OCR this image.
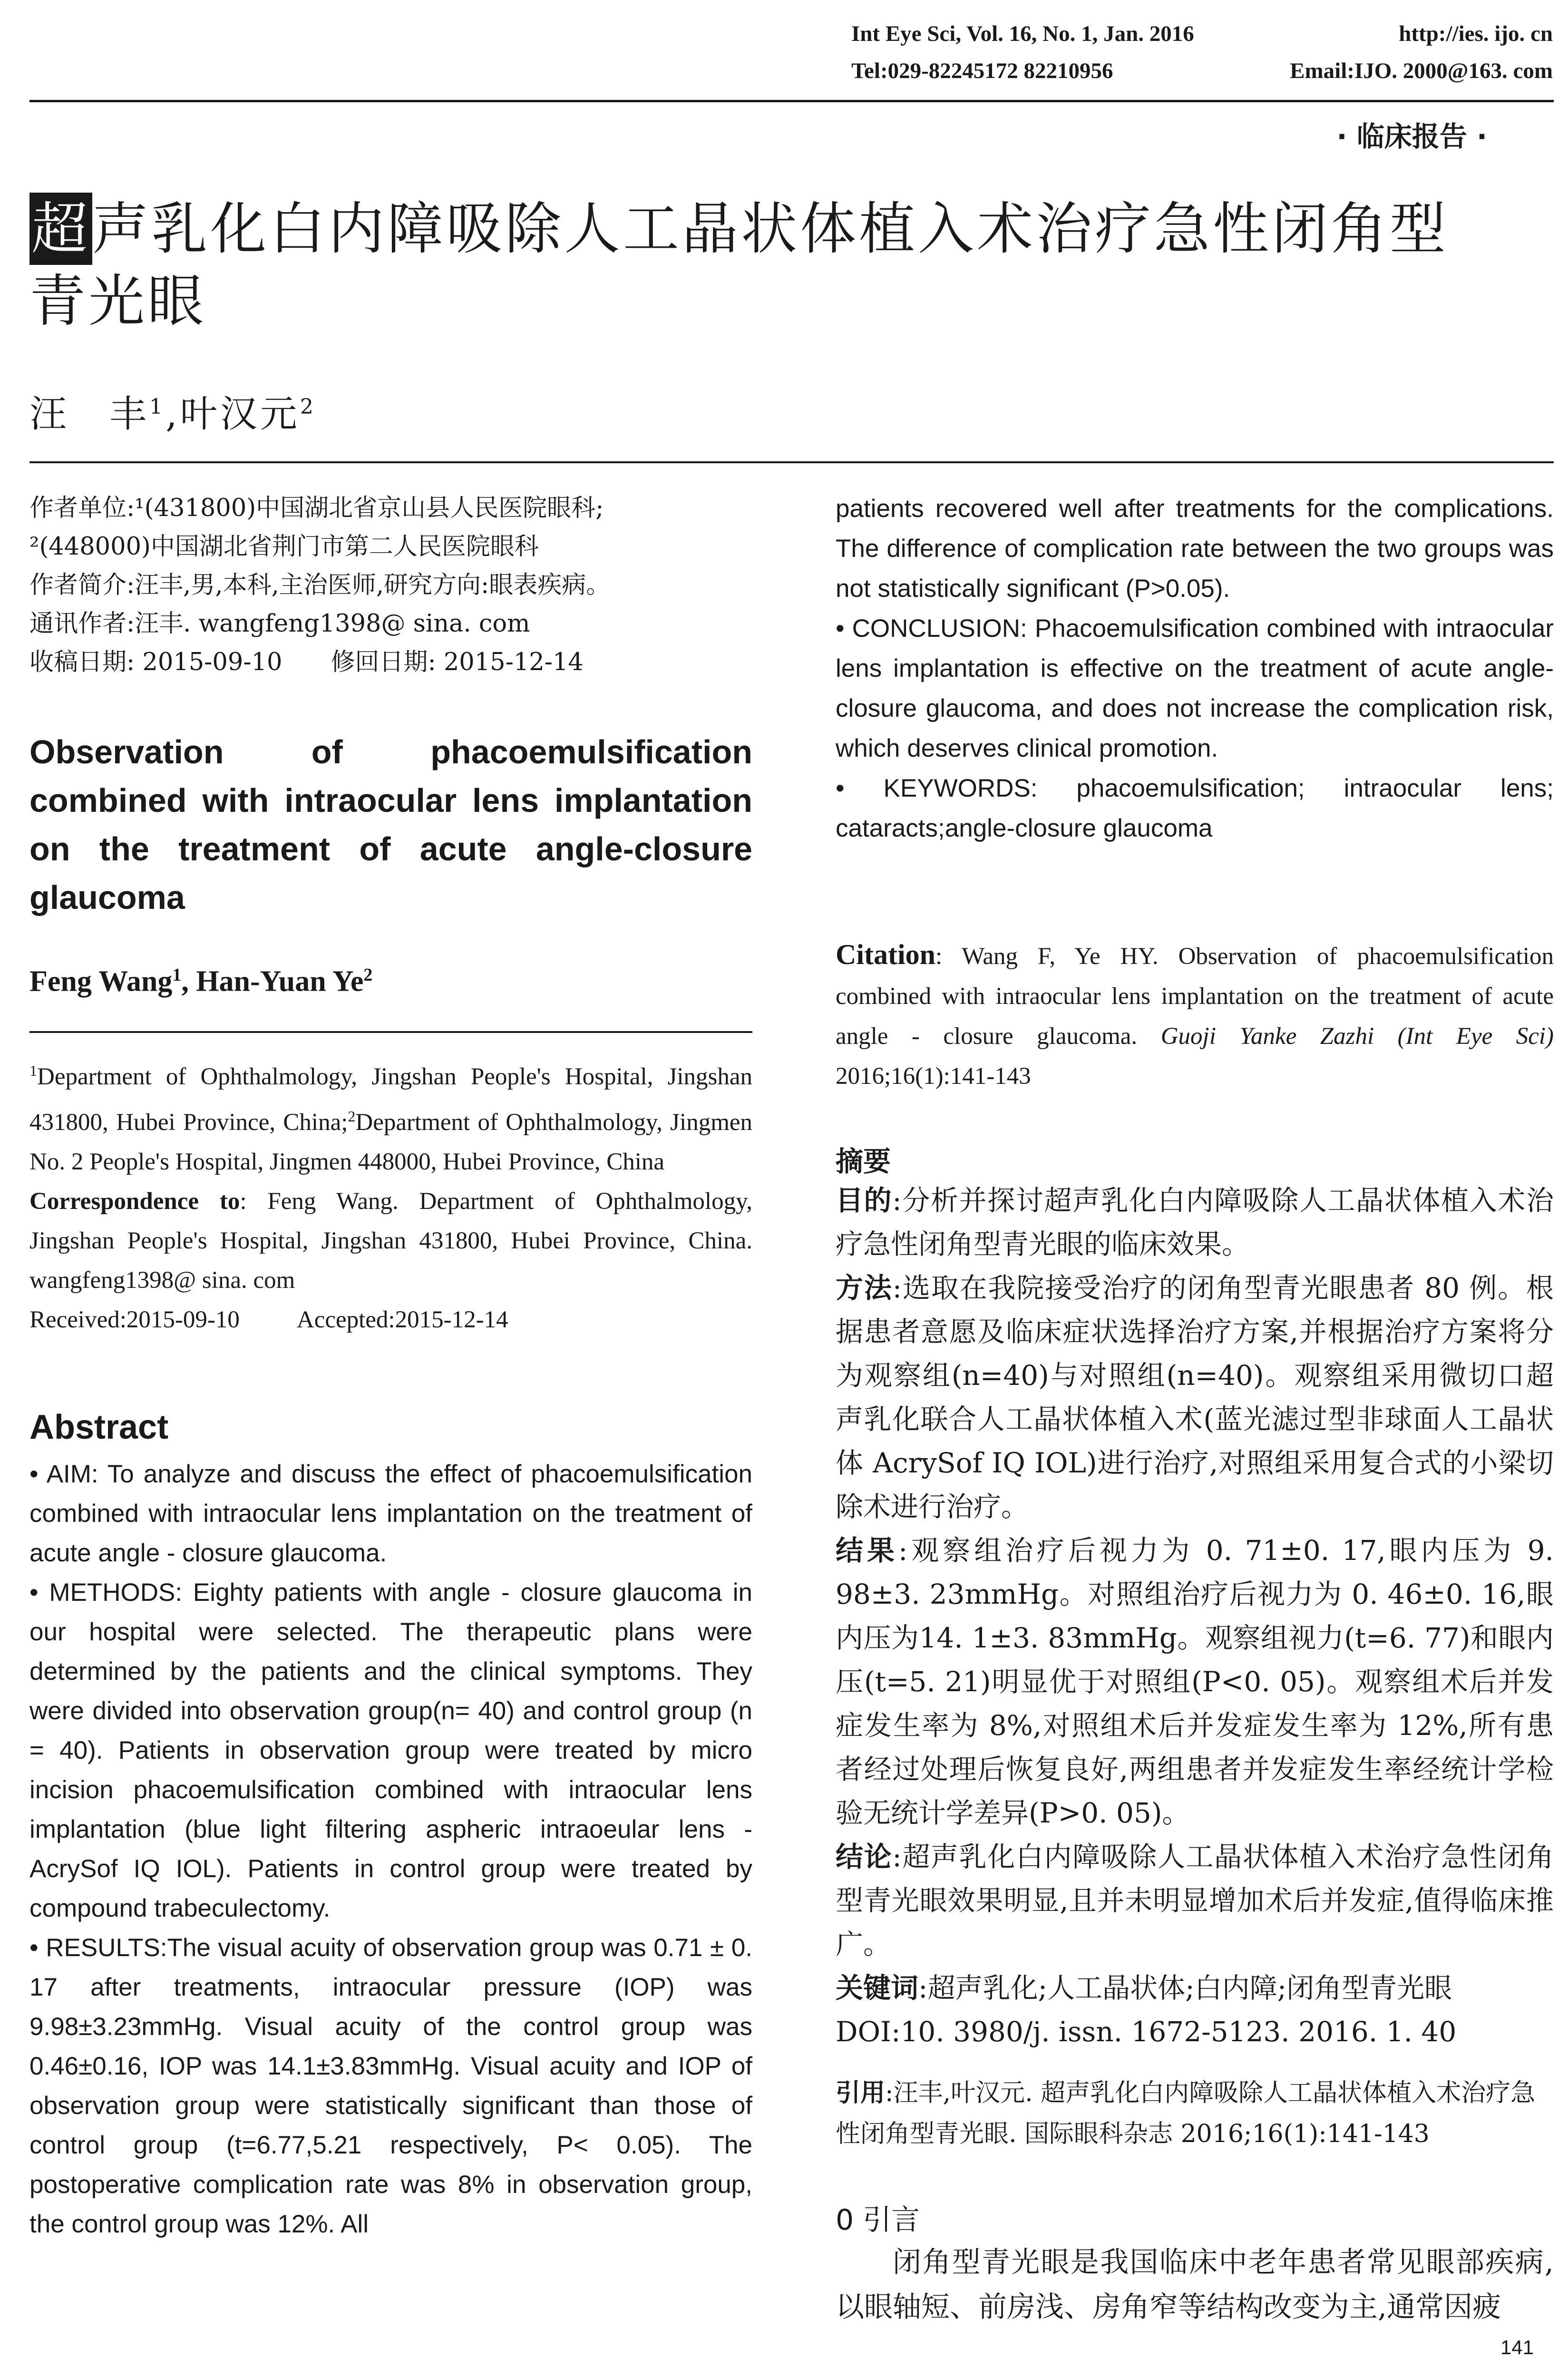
Int Eye Sci, Vol. 16, No. 1, Jan. 2016	http://ies. ijo. cn
Tel:029-82245172 82210956	Email:IJO. 2000@163. com
· 临床报告 ·
超声乳化白内障吸除人工晶状体植入术治疗急性闭角型
青光眼
汪　丰$^1$,叶汉元$^2$
作者单位:¹(431800)中国湖北省京山县人民医院眼科;
²(448000)中国湖北省荆门市第二人民医院眼科
作者简介:汪丰,男,本科,主治医师,研究方向:眼表疾病。
通讯作者:汪丰. wangfeng1398@ sina. com
收稿日期: 2015-09-10　　修回日期: 2015-12-14
Observation of phacoemulsification combined with intraocular lens implantation on the treatment of acute angle-closure glaucoma
Feng Wang$^1$, Han-Yuan Ye$^2$
$^1$Department of Ophthalmology, Jingshan People's Hospital, Jingshan 431800, Hubei Province, China;$^2$Department of Ophthalmology, Jingmen No. 2 People's Hospital, Jingmen 448000, Hubei Province, China
Correspondence to: Feng Wang. Department of Ophthalmology, Jingshan People's Hospital, Jingshan 431800, Hubei Province, China. wangfeng1398@ sina. com
Received:2015-09-10 Accepted:2015-12-14
Abstract

• AIM: To analyze and discuss the effect of phacoemulsification combined with intraocular lens implantation on the treatment of acute angle - closure glaucoma.

• METHODS: Eighty patients with angle - closure glaucoma in our hospital were selected. The therapeutic plans were determined by the patients and the clinical symptoms. They were divided into observation group(n= 40) and control group (n = 40). Patients in observation group were treated by micro incision phacoemulsification combined with intraocular lens implantation (blue light filtering aspheric intraoeular lens - AcrySof IQ IOL). Patients in control group were treated by compound trabeculectomy.

• RESULTS:The visual acuity of observation group was 0.71 ± 0. 17 after treatments, intraocular pressure (IOP) was 9.98±3.23mmHg. Visual acuity of the control group was 0.46±0.16, IOP was 14.1±3.83mmHg. Visual acuity and IOP of observation group were statistically significant than those of control group (t=6.77,5.21 respectively, P< 0.05). The postoperative complication rate was 8% in observation group, the control group was 12%. All

patients recovered well after treatments for the complications. The difference of complication rate between the two groups was not statistically significant (P>0.05).

• CONCLUSION: Phacoemulsification combined with intraocular lens implantation is effective on the treatment of acute angle-closure glaucoma, and does not increase the complication risk, which deserves clinical promotion.

• KEYWORDS: phacoemulsification; intraocular lens; cataracts;angle-closure glaucoma

Citation: Wang F, Ye HY. Observation of phacoemulsification combined with intraocular lens implantation on the treatment of acute angle - closure glaucoma. Guoji Yanke Zazhi (Int Eye Sci) 2016;16(1):141-143
摘要

目的:分析并探讨超声乳化白内障吸除人工晶状体植入术治疗急性闭角型青光眼的临床效果。

方法:选取在我院接受治疗的闭角型青光眼患者 80 例。根据患者意愿及临床症状选择治疗方案,并根据治疗方案将分为观察组(n=40)与对照组(n=40)。观察组采用微切口超声乳化联合人工晶状体植入术(蓝光滤过型非球面人工晶状体 AcrySof IQ IOL)进行治疗,对照组采用复合式的小梁切除术进行治疗。

结果:观察组治疗后视力为 0. 71±0. 17,眼内压为 9. 98±3. 23mmHg。对照组治疗后视力为 0. 46±0. 16,眼内压为14. 1±3. 83mmHg。观察组视力(t=6. 77)和眼内压(t=5. 21)明显优于对照组(P<0. 05)。观察组术后并发症发生率为 8%,对照组术后并发症发生率为 12%,所有患者经过处理后恢复良好,两组患者并发症发生率经统计学检验无统计学差异(P>0. 05)。

结论:超声乳化白内障吸除人工晶状体植入术治疗急性闭角型青光眼效果明显,且并未明显增加术后并发症,值得临床推广。

关键词:超声乳化;人工晶状体;白内障;闭角型青光眼

DOI:10. 3980/j. issn. 1672-5123. 2016. 1. 40

引用:汪丰,叶汉元. 超声乳化白内障吸除人工晶状体植入术治疗急性闭角型青光眼. 国际眼科杂志 2016;16(1):141-143
0 引言
闭角型青光眼是我国临床中老年患者常见眼部疾病,以眼轴短、前房浅、房角窄等结构改变为主,通常因疲
141
